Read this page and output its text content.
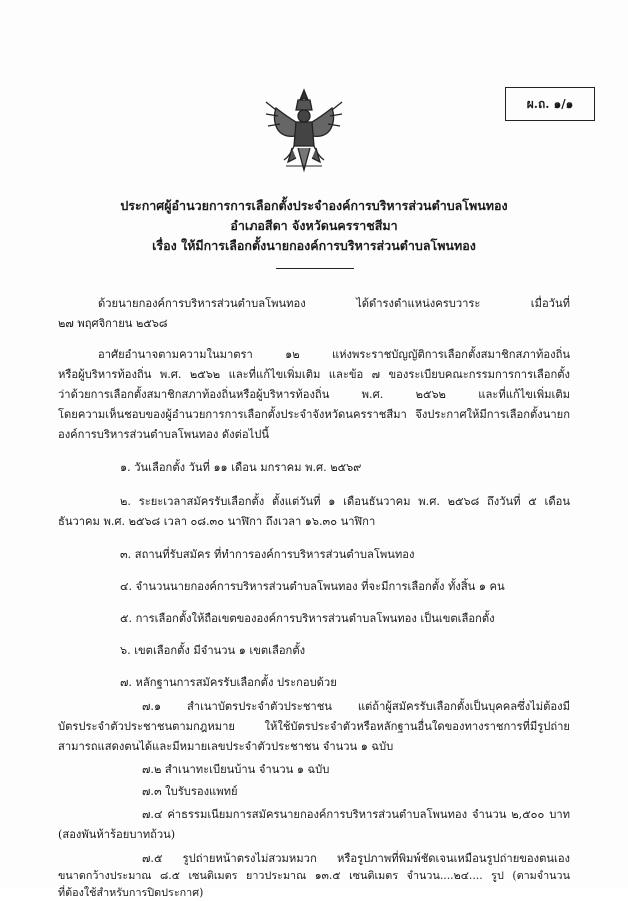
ผ.ถ. ๑/๑
ประกาศผู้อำนวยการการเลือกตั้งประจำองค์การบริหารส่วนตำบลโพนทอง
อำเภอสีดา จังหวัดนครราชสีมา
เรื่อง ให้มีการเลือกตั้งนายกองค์การบริหารส่วนตำบลโพนทอง
ด้วยนายกองค์การบริหารส่วนตำบลโพนทอง ได้ดำรงตำแหน่งครบวาระ เมื่อวันที่
๒๗ พฤศจิกายน ๒๕๖๘
อาศัยอำนาจตามความในมาตรา ๑๒ แห่งพระราชบัญญัติการเลือกตั้งสมาชิกสภาท้องถิ่น
หรือผู้บริหารท้องถิ่น พ.ศ. ๒๕๖๒ และที่แก้ไขเพิ่มเติม และข้อ ๗ ของระเบียบคณะกรรมการการเลือกตั้ง
ว่าด้วยการเลือกตั้งสมาชิกสภาท้องถิ่นหรือผู้บริหารท้องถิ่น พ.ศ. ๒๕๖๒ และที่แก้ไขเพิ่มเติม
โดยความเห็นชอบของผู้อำนวยการการเลือกตั้งประจำจังหวัดนครราชสีมา จึงประกาศให้มีการเลือกตั้งนายก
องค์การบริหารส่วนตำบลโพนทอง ดังต่อไปนี้
๑. วันเลือกตั้ง วันที่ ๑๑ เดือน มกราคม พ.ศ. ๒๕๖๙
๒. ระยะเวลาสมัครรับเลือกตั้ง ตั้งแต่วันที่ ๑ เดือนธันวาคม พ.ศ. ๒๕๖๘ ถึงวันที่ ๕ เดือน
ธันวาคม พ.ศ. ๒๕๖๘ เวลา ๐๘.๓๐ นาฬิกา ถึงเวลา ๑๖.๓๐ นาฬิกา
๓. สถานที่รับสมัคร ที่ทำการองค์การบริหารส่วนตำบลโพนทอง
๔. จำนวนนายกองค์การบริหารส่วนตำบลโพนทอง ที่จะมีการเลือกตั้ง ทั้งสิ้น ๑ คน
๕. การเลือกตั้งให้ถือเขตขององค์การบริหารส่วนตำบลโพนทอง เป็นเขตเลือกตั้ง
๖. เขตเลือกตั้ง มีจำนวน ๑ เขตเลือกตั้ง
๗. หลักฐานการสมัครรับเลือกตั้ง ประกอบด้วย
๗.๑ สำเนาบัตรประจำตัวประชาชน แต่ถ้าผู้สมัครรับเลือกตั้งเป็นบุคคลซึ่งไม่ต้องมี
บัตรประจำตัวประชาชนตามกฎหมาย ให้ใช้บัตรประจำตัวหรือหลักฐานอื่นใดของทางราชการที่มีรูปถ่าย
สามารถแสดงตนได้และมีหมายเลขประจำตัวประชาชน จำนวน ๑ ฉบับ
๗.๒ สำเนาทะเบียนบ้าน จำนวน ๑ ฉบับ
๗.๓ ใบรับรองแพทย์
๗.๔ ค่าธรรมเนียมการสมัครนายกองค์การบริหารส่วนตำบลโพนทอง จำนวน ๒,๕๐๐ บาท
(สองพันห้าร้อยบาทถ้วน)
๗.๕ รูปถ่ายหน้าตรงไม่สวมหมวก หรือรูปภาพที่พิมพ์ชัดเจนเหมือนรูปถ่ายของตนเอง
ขนาดกว้างประมาณ ๘.๕ เซนติเมตร ยาวประมาณ ๑๓.๕ เซนติเมตร จำนวน....๒๔.... รูป (ตามจำนวน
ที่ต้องใช้สำหรับการปิดประกาศ)
